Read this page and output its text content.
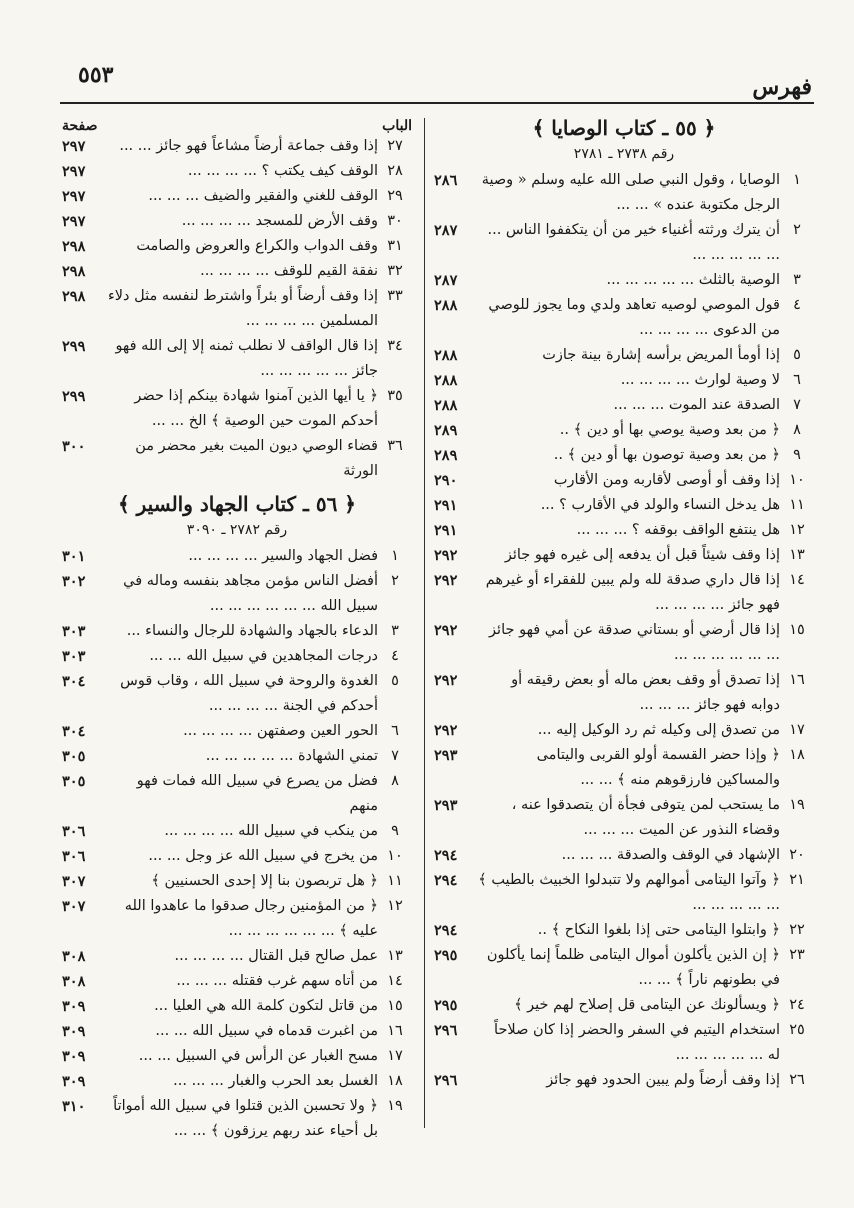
فهرس
٥٥٣
﴿ ٥٥ ـ كتاب الوصايا ﴾
رقم ٢٧٣٨ ـ ٢٧٨١
١
الوصايا ، وقول النبي صلى الله عليه وسلم « وصية الرجل مكتوبة عنده » ... ...
٢٨٦
٢
أن يترك ورثته أغنياء خير من أن يتكففوا الناس ... ... ... ... ... ...
٢٨٧
٣
الوصية بالثلث ... ... ... ... ...
٢٨٧
٤
قول الموصي لوصيه تعاهد ولدي وما يجوز للوصي من الدعوى ... ... ... ...
٢٨٨
٥
إذا أومأ المريض برأسه إشارة بينة جازت
٢٨٨
٦
لا وصية لوارث ... ... ... ...
٢٨٨
٧
الصدقة عند الموت ... ... ...
٢٨٨
٨
﴿ من بعد وصية يوصي بها أو دين ﴾ ..
٢٨٩
٩
﴿ من بعد وصية توصون بها أو دين ﴾ ..
٢٨٩
١٠
إذا وقف أو أوصى لأقاربه ومن الأقارب
٢٩٠
١١
هل يدخل النساء والولد في الأقارب ؟ ...
٢٩١
١٢
هل ينتفع الواقف بوقفه ؟ ... ... ...
٢٩١
١٣
إذا وقف شيئاً قبل أن يدفعه إلى غيره فهو جائز
٢٩٢
١٤
إذا قال داري صدقة لله ولم يبين للفقراء أو غيرهم فهو جائز ... ... ... ...
٢٩٢
١٥
إذا قال أرضي أو بستاني صدقة عن أمي فهو جائز ... ... ... ... ... ...
٢٩٢
١٦
إذا تصدق أو وقف بعض ماله أو بعض رقيقه أو دوابه فهو جائز ... ... ...
٢٩٢
١٧
من تصدق إلى وكيله ثم رد الوكيل إليه ...
٢٩٢
١٨
﴿ وإذا حضر القسمة أولو القربى واليتامى والمساكين فارزقوهم منه ﴾ ... ...
٢٩٣
١٩
ما يستحب لمن يتوفى فجأة أن يتصدقوا عنه ، وقضاء النذور عن الميت ... ... ...
٢٩٣
٢٠
الإشهاد في الوقف والصدقة ... ... ...
٢٩٤
٢١
﴿ وآتوا اليتامى أموالهم ولا تتبدلوا الخبيث بالطيب ﴾ ... ... ... ... ...
٢٩٤
٢٢
﴿ وابتلوا اليتامى حتى إذا بلغوا النكاح ﴾ ..
٢٩٤
٢٣
﴿ إن الذين يأكلون أموال اليتامى ظلماً إنما يأكلون في بطونهم ناراً ﴾ ... ...
٢٩٥
٢٤
﴿ ويسألونك عن اليتامى قل إصلاح لهم خير ﴾
٢٩٥
٢٥
استخدام اليتيم في السفر والحضر إذا كان صلاحاً له ... ... ... ... ...
٢٩٦
٢٦
إذا وقف أرضاً ولم يبين الحدود فهو جائز
٢٩٦
الباب
صفحة
٢٧
إذا وقف جماعة أرضاً مشاعاً فهو جائز ... ...
٢٩٧
٢٨
الوقف كيف يكتب ؟ ... ... ... ...
٢٩٧
٢٩
الوقف للغني والفقير والضيف ... ... ...
٢٩٧
٣٠
وقف الأرض للمسجد ... ... ... ...
٢٩٧
٣١
وقف الدواب والكراع والعروض والصامت
٢٩٨
٣٢
نفقة القيم للوقف ... ... ... ...
٢٩٨
٣٣
إذا وقف أرضاً أو بئراً واشترط لنفسه مثل دلاء المسلمين ... ... ... ...
٢٩٨
٣٤
إذا قال الواقف لا نطلب ثمنه إلا إلى الله فهو جائز ... ... ... ... ...
٢٩٩
٣٥
﴿ يا أيها الذين آمنوا شهادة بينكم إذا حضر أحدكم الموت حين الوصية ﴾ الخ ... ...
٢٩٩
٣٦
قضاء الوصي ديون الميت بغير محضر من الورثة
٣٠٠
﴿ ٥٦ ـ كتاب الجهاد والسير ﴾
رقم ٢٧٨٢ ـ ٣٠٩٠
١
فضل الجهاد والسير ... ... ... ...
٣٠١
٢
أفضل الناس مؤمن مجاهد بنفسه وماله في سبيل الله ... ... ... ... ... ...
٣٠٢
٣
الدعاء بالجهاد والشهادة للرجال والنساء ...
٣٠٣
٤
درجات المجاهدين في سبيل الله ... ...
٣٠٣
٥
الغدوة والروحة في سبيل الله ، وقاب قوس أحدكم في الجنة ... ... ... ...
٣٠٤
٦
الحور العين وصفتهن ... ... ... ...
٣٠٤
٧
تمني الشهادة ... ... ... ... ...
٣٠٥
٨
فضل من يصرع في سبيل الله فمات فهو منهم
٣٠٥
٩
من ينكب في سبيل الله ... ... ... ...
٣٠٦
١٠
من يخرج في سبيل الله عز وجل ... ...
٣٠٦
١١
﴿ هل تربصون بنا إلا إحدى الحسنيين ﴾
٣٠٧
١٢
﴿ من المؤمنين رجال صدقوا ما عاهدوا الله عليه ﴾ ... ... ... ... ... ...
٣٠٧
١٣
عمل صالح قبل القتال ... ... ... ...
٣٠٨
١٤
من أتاه سهم غرب فقتله ... ... ...
٣٠٨
١٥
من قاتل لتكون كلمة الله هي العليا ...
٣٠٩
١٦
من اغبرت قدماه في سبيل الله ... ...
٣٠٩
١٧
مسح الغبار عن الرأس في السبيل ... ...
٣٠٩
١٨
الغسل بعد الحرب والغبار ... ... ...
٣٠٩
١٩
﴿ ولا تحسبن الذين قتلوا في سبيل الله أمواتاً بل أحياء عند ربهم يرزقون ﴾ ... ...
٣١٠
